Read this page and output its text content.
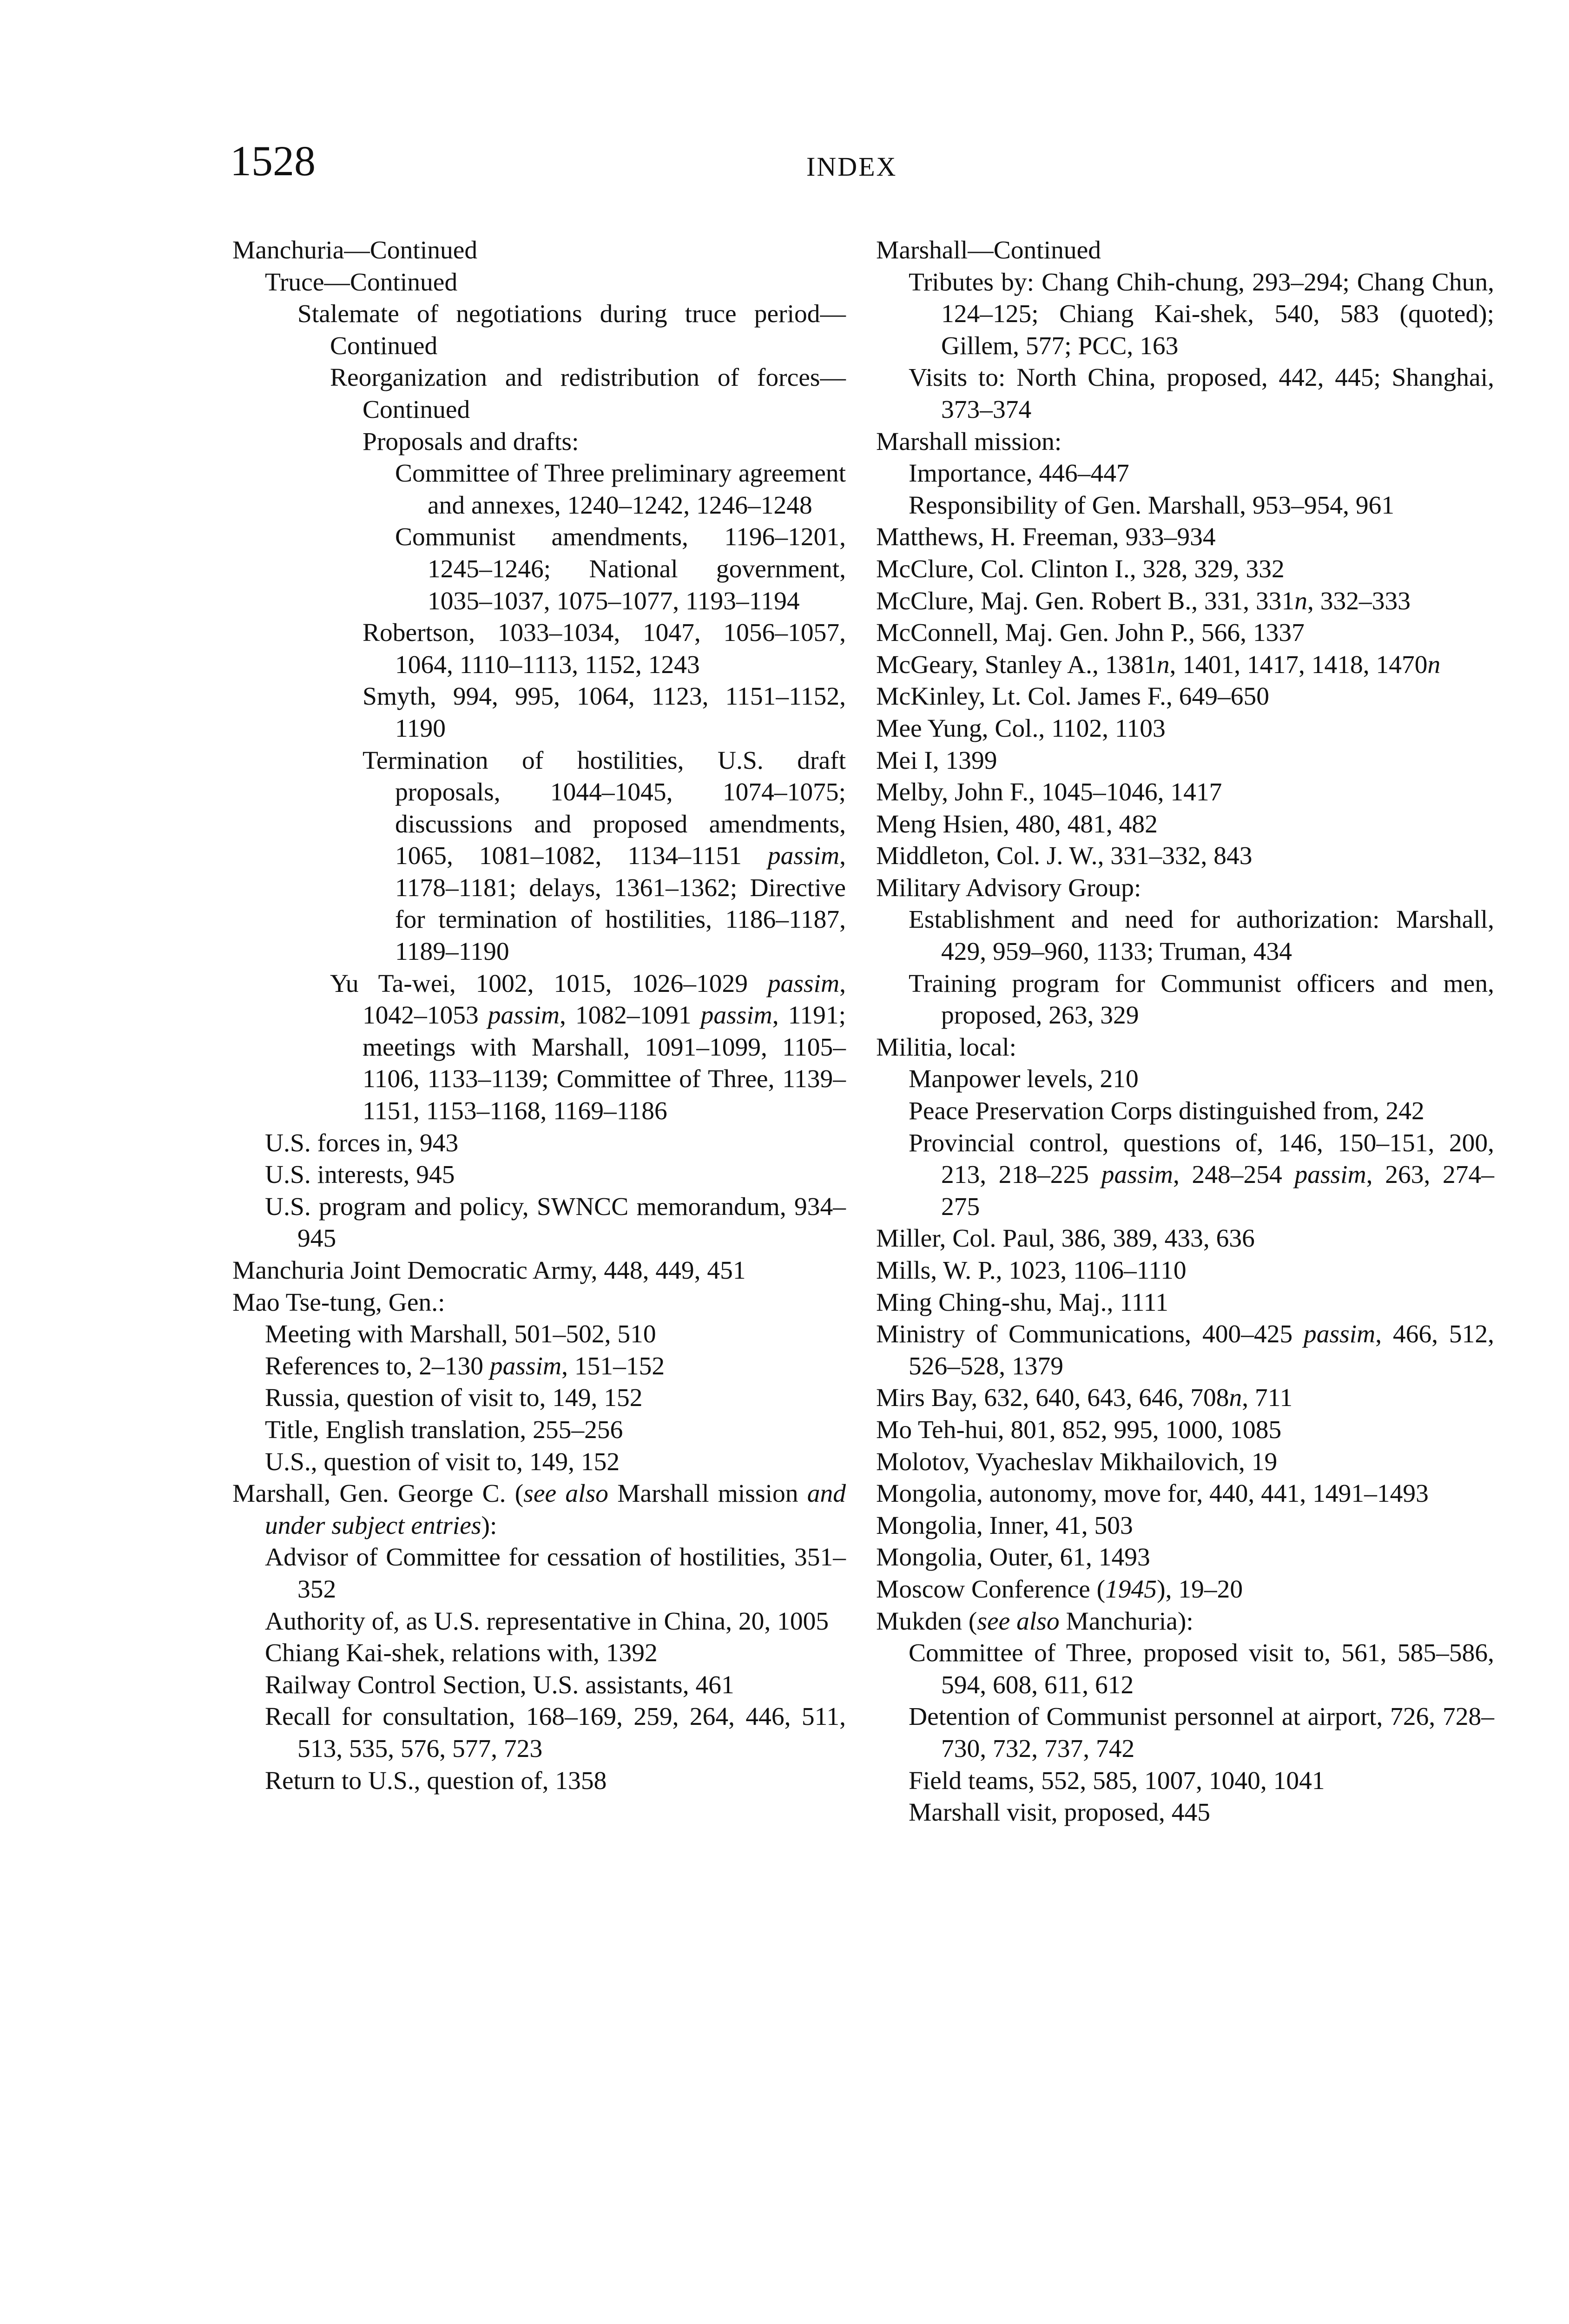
1528	INDEX
Manchuria—Continued
Truce—Continued
Stalemate of negotiations during truce period—Continued
Reorganization and redistribution of forces—Continued
Proposals and drafts:
Committee of Three preliminary agreement and annexes, 1240–1242, 1246–1248
Communist amendments, 1196–1201, 1245–1246; National government, 1035–1037, 1075–1077, 1193–1194
Robertson, 1033–1034, 1047, 1056–1057, 1064, 1110–1113, 1152, 1243
Smyth, 994, 995, 1064, 1123, 1151–1152, 1190
Termination of hostilities, U.S. draft proposals, 1044–1045, 1074–1075; discussions and proposed amendments, 1065, 1081–1082, 1134–1151 passim, 1178–1181; delays, 1361–1362; Directive for termination of hostilities, 1186–1187, 1189–1190
Yu Ta-wei, 1002, 1015, 1026–1029 passim, 1042–1053 passim, 1082–1091 passim, 1191; meetings with Marshall, 1091–1099, 1105–1106, 1133–1139; Committee of Three, 1139–1151, 1153–1168, 1169–1186
U.S. forces in, 943
U.S. interests, 945
U.S. program and policy, SWNCC memorandum, 934–945
Manchuria Joint Democratic Army, 448, 449, 451
Mao Tse-tung, Gen.:
Meeting with Marshall, 501–502, 510
References to, 2–130 passim, 151–152
Russia, question of visit to, 149, 152
Title, English translation, 255–256
U.S., question of visit to, 149, 152
Marshall, Gen. George C. (see also Marshall mission and under subject entries):
Advisor of Committee for cessation of hostilities, 351–352
Authority of, as U.S. representative in China, 20, 1005
Chiang Kai-shek, relations with, 1392
Railway Control Section, U.S. assistants, 461
Recall for consultation, 168–169, 259, 264, 446, 511, 513, 535, 576, 577, 723
Return to U.S., question of, 1358
Marshall—Continued
Tributes by: Chang Chih-chung, 293–294; Chang Chun, 124–125; Chiang Kai-shek, 540, 583 (quoted); Gillem, 577; PCC, 163
Visits to: North China, proposed, 442, 445; Shanghai, 373–374
Marshall mission:
Importance, 446–447
Responsibility of Gen. Marshall, 953–954, 961
Matthews, H. Freeman, 933–934
McClure, Col. Clinton I., 328, 329, 332
McClure, Maj. Gen. Robert B., 331, 331n, 332–333
McConnell, Maj. Gen. John P., 566, 1337
McGeary, Stanley A., 1381n, 1401, 1417, 1418, 1470n
McKinley, Lt. Col. James F., 649–650
Mee Yung, Col., 1102, 1103
Mei I, 1399
Melby, John F., 1045–1046, 1417
Meng Hsien, 480, 481, 482
Middleton, Col. J. W., 331–332, 843
Military Advisory Group:
Establishment and need for authorization: Marshall, 429, 959–960, 1133; Truman, 434
Training program for Communist officers and men, proposed, 263, 329
Militia, local:
Manpower levels, 210
Peace Preservation Corps distinguished from, 242
Provincial control, questions of, 146, 150–151, 200, 213, 218–225 passim, 248–254 passim, 263, 274–275
Miller, Col. Paul, 386, 389, 433, 636
Mills, W. P., 1023, 1106–1110
Ming Ching-shu, Maj., 1111
Ministry of Communications, 400–425 passim, 466, 512, 526–528, 1379
Mirs Bay, 632, 640, 643, 646, 708n, 711
Mo Teh-hui, 801, 852, 995, 1000, 1085
Molotov, Vyacheslav Mikhailovich, 19
Mongolia, autonomy, move for, 440, 441, 1491–1493
Mongolia, Inner, 41, 503
Mongolia, Outer, 61, 1493
Moscow Conference (1945), 19–20
Mukden (see also Manchuria):
Committee of Three, proposed visit to, 561, 585–586, 594, 608, 611, 612
Detention of Communist personnel at airport, 726, 728–730, 732, 737, 742
Field teams, 552, 585, 1007, 1040, 1041
Marshall visit, proposed, 445
